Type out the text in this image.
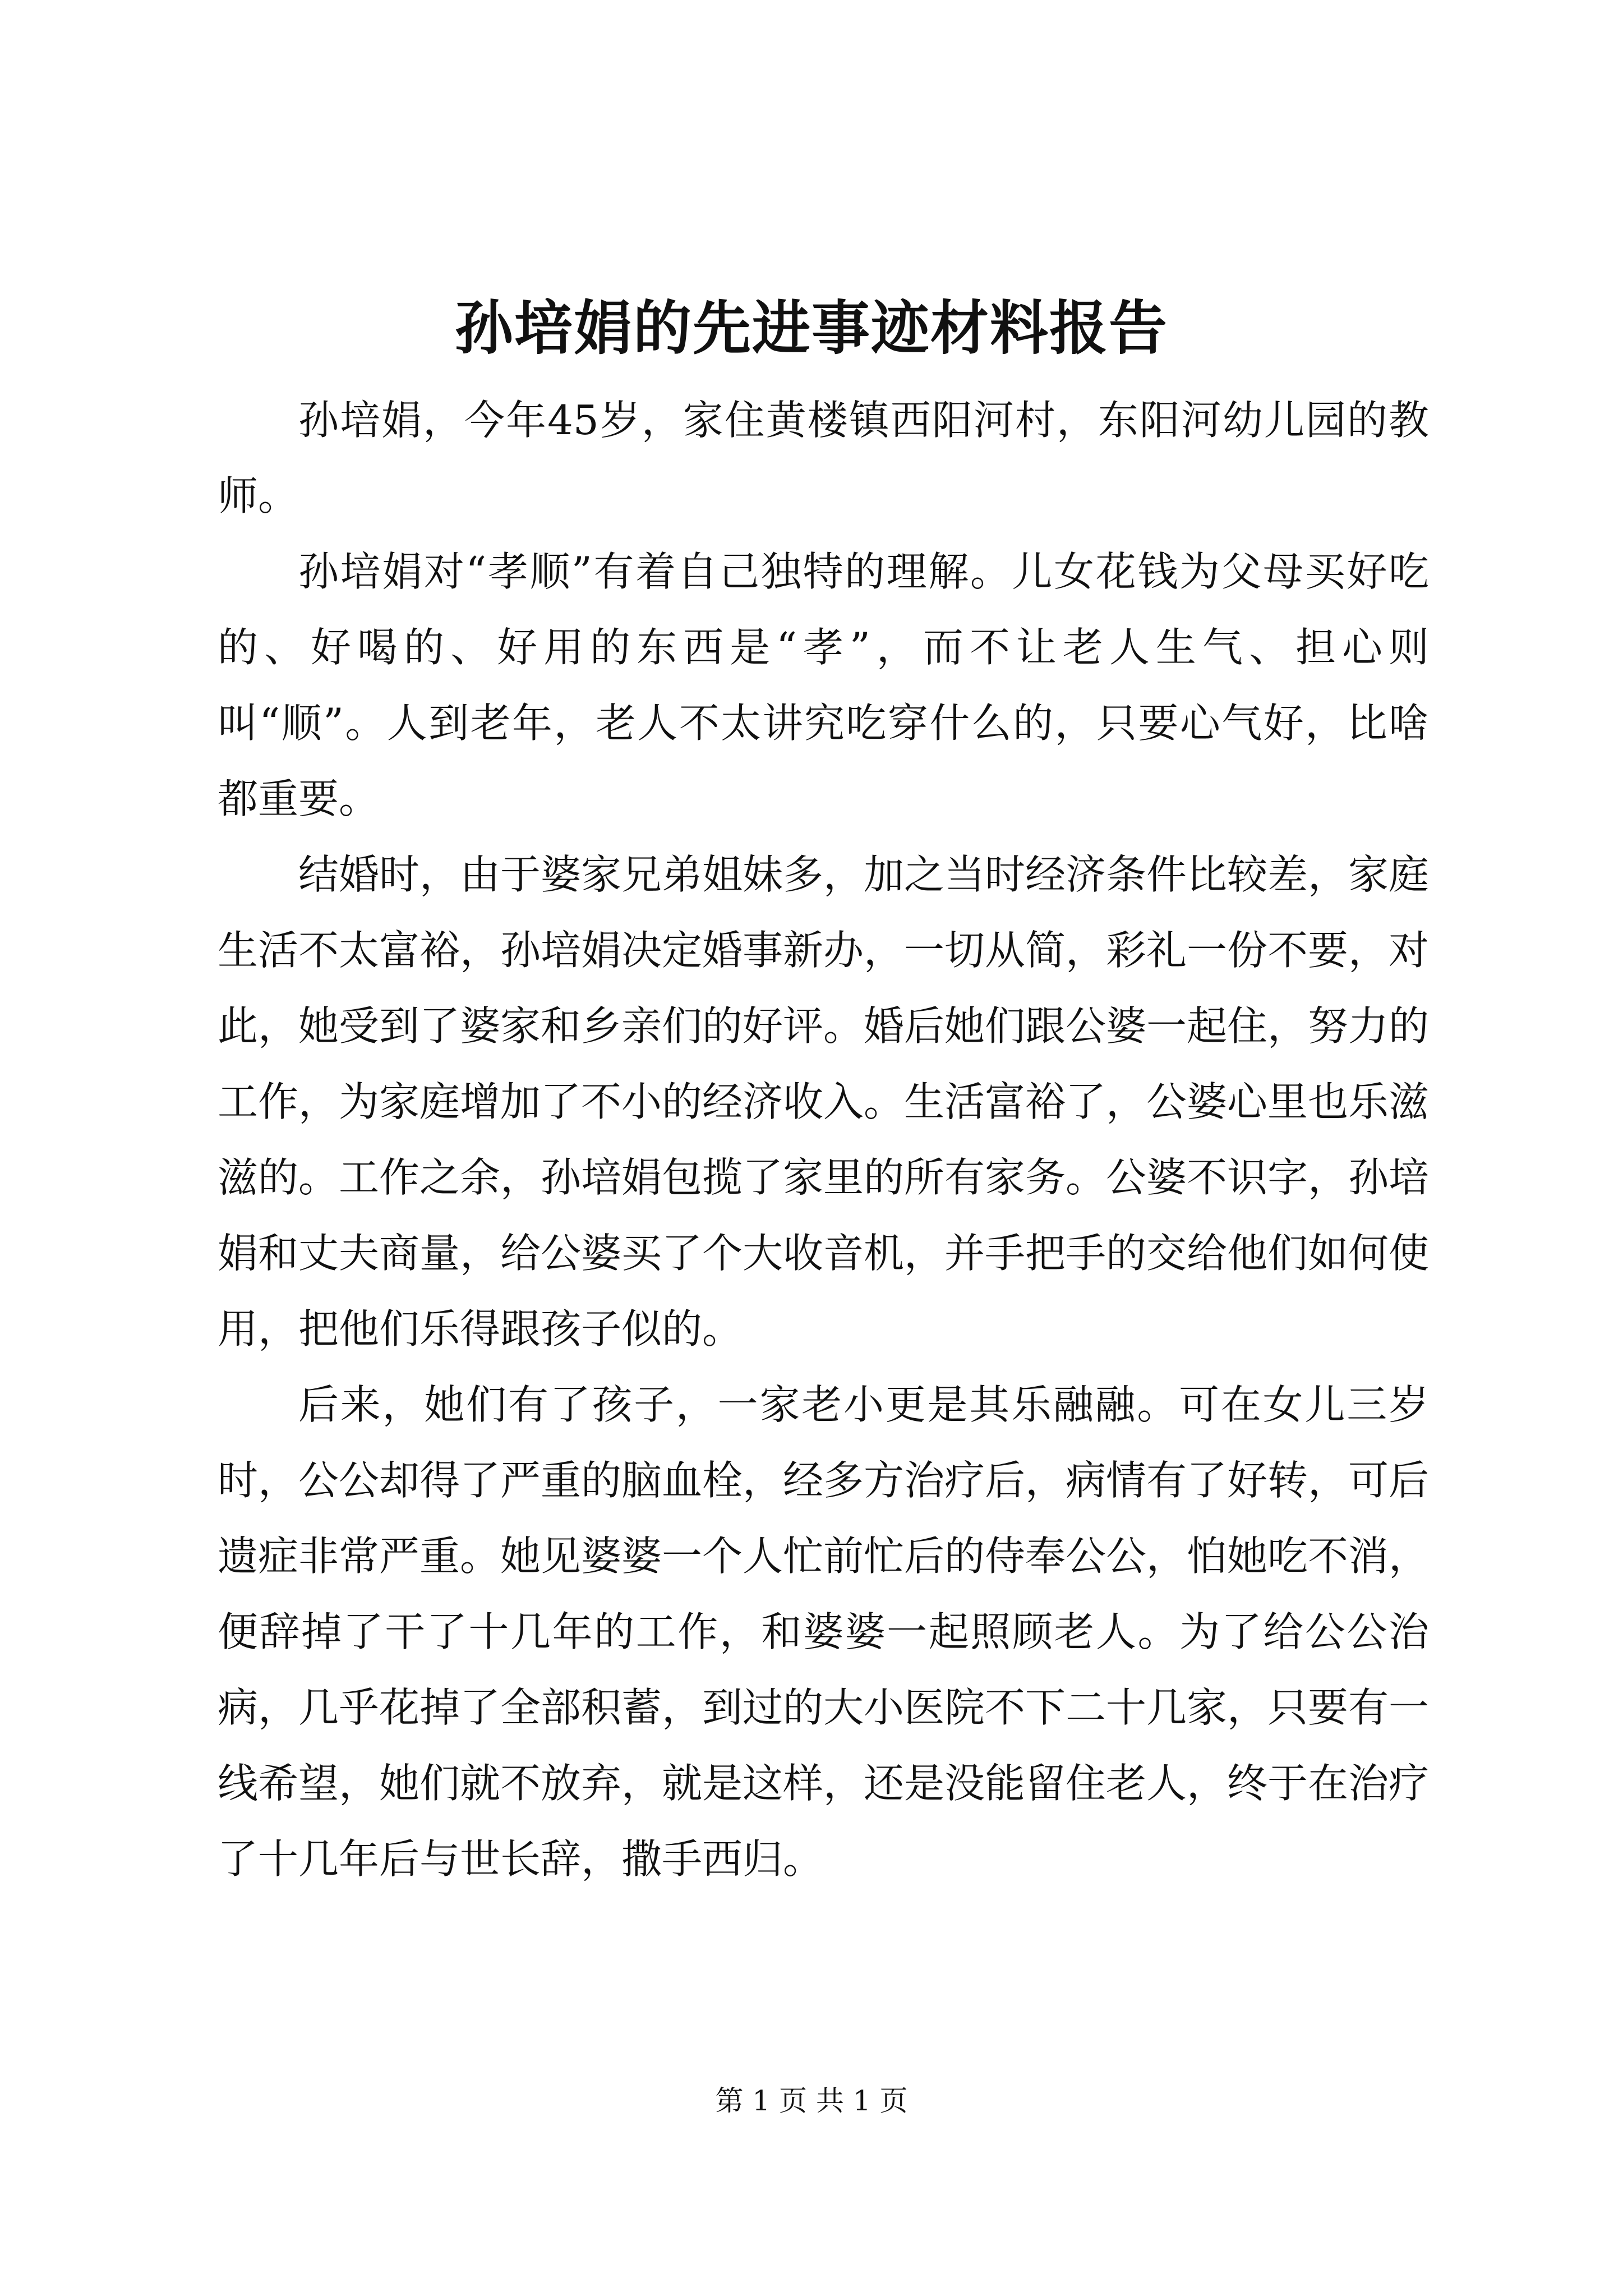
孙培娟的先进事迹材料报告

孙培娟，今年45岁，家住黄楼镇西阳河村，东阳河幼儿园的教师。

孙培娟对“孝顺”有着自己独特的理解。儿女花钱为父母买好吃的、好喝的、好用的东西是“孝”，而不让老人生气、担心则叫“顺”。人到老年，老人不太讲究吃穿什么的，只要心气好，比啥都重要。

结婚时，由于婆家兄弟姐妹多，加之当时经济条件比较差，家庭生活不太富裕，孙培娟决定婚事新办，一切从简，彩礼一份不要，对此，她受到了婆家和乡亲们的好评。婚后她们跟公婆一起住，努力的工作，为家庭增加了不小的经济收入。生活富裕了，公婆心里也乐滋滋的。工作之余，孙培娟包揽了家里的所有家务。公婆不识字，孙培娟和丈夫商量，给公婆买了个大收音机，并手把手的交给他们如何使用，把他们乐得跟孩子似的。

后来，她们有了孩子，一家老小更是其乐融融。可在女儿三岁时，公公却得了严重的脑血栓，经多方治疗后，病情有了好转，可后遗症非常严重。她见婆婆一个人忙前忙后的侍奉公公，怕她吃不消，便辞掉了干了十几年的工作，和婆婆一起照顾老人。为了给公公治病，几乎花掉了全部积蓄，到过的大小医院不下二十几家，只要有一线希望，她们就不放弃，就是这样，还是没能留住老人，终于在治疗了十几年后与世长辞，撒手西归。

第 1 页 共 1 页
